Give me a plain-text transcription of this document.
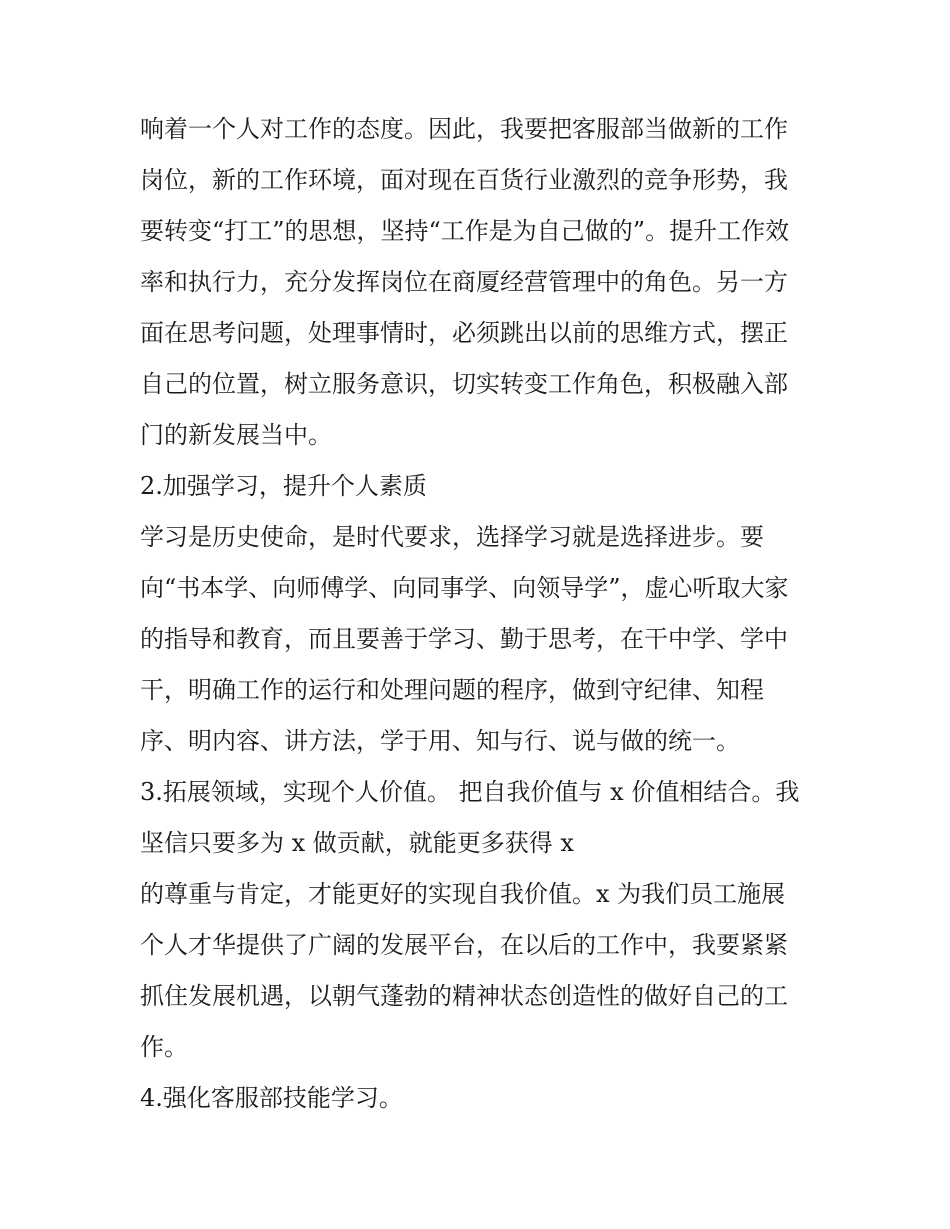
响着一个人对工作的态度。因此，我要把客服部当做新的工作
岗位，新的工作环境，面对现在百货行业激烈的竞争形势，我
要转变“打工”的思想，坚持“工作是为自己做的”。提升工作效
率和执行力，充分发挥岗位在商厦经营管理中的角色。另一方
面在思考问题，处理事情时，必须跳出以前的思维方式，摆正
自己的位置，树立服务意识，切实转变工作角色，积极融入部
门的新发展当中。
2.加强学习，提升个人素质
学习是历史使命，是时代要求，选择学习就是选择进步。要
向“书本学、向师傅学、向同事学、向领导学”，虚心听取大家
的指导和教育，而且要善于学习、勤于思考，在干中学、学中
干，明确工作的运行和处理问题的程序，做到守纪律、知程
序、明内容、讲方法，学于用、知与行、说与做的统一。
3.拓展领域，实现个人价值。 把自我价值与 x 价值相结合。我
坚信只要多为 x 做贡献，就能更多获得 x
的尊重与肯定，才能更好的实现自我价值。x 为我们员工施展
个人才华提供了广阔的发展平台，在以后的工作中，我要紧紧
抓住发展机遇，以朝气蓬勃的精神状态创造性的做好自己的工
作。
4.强化客服部技能学习。
